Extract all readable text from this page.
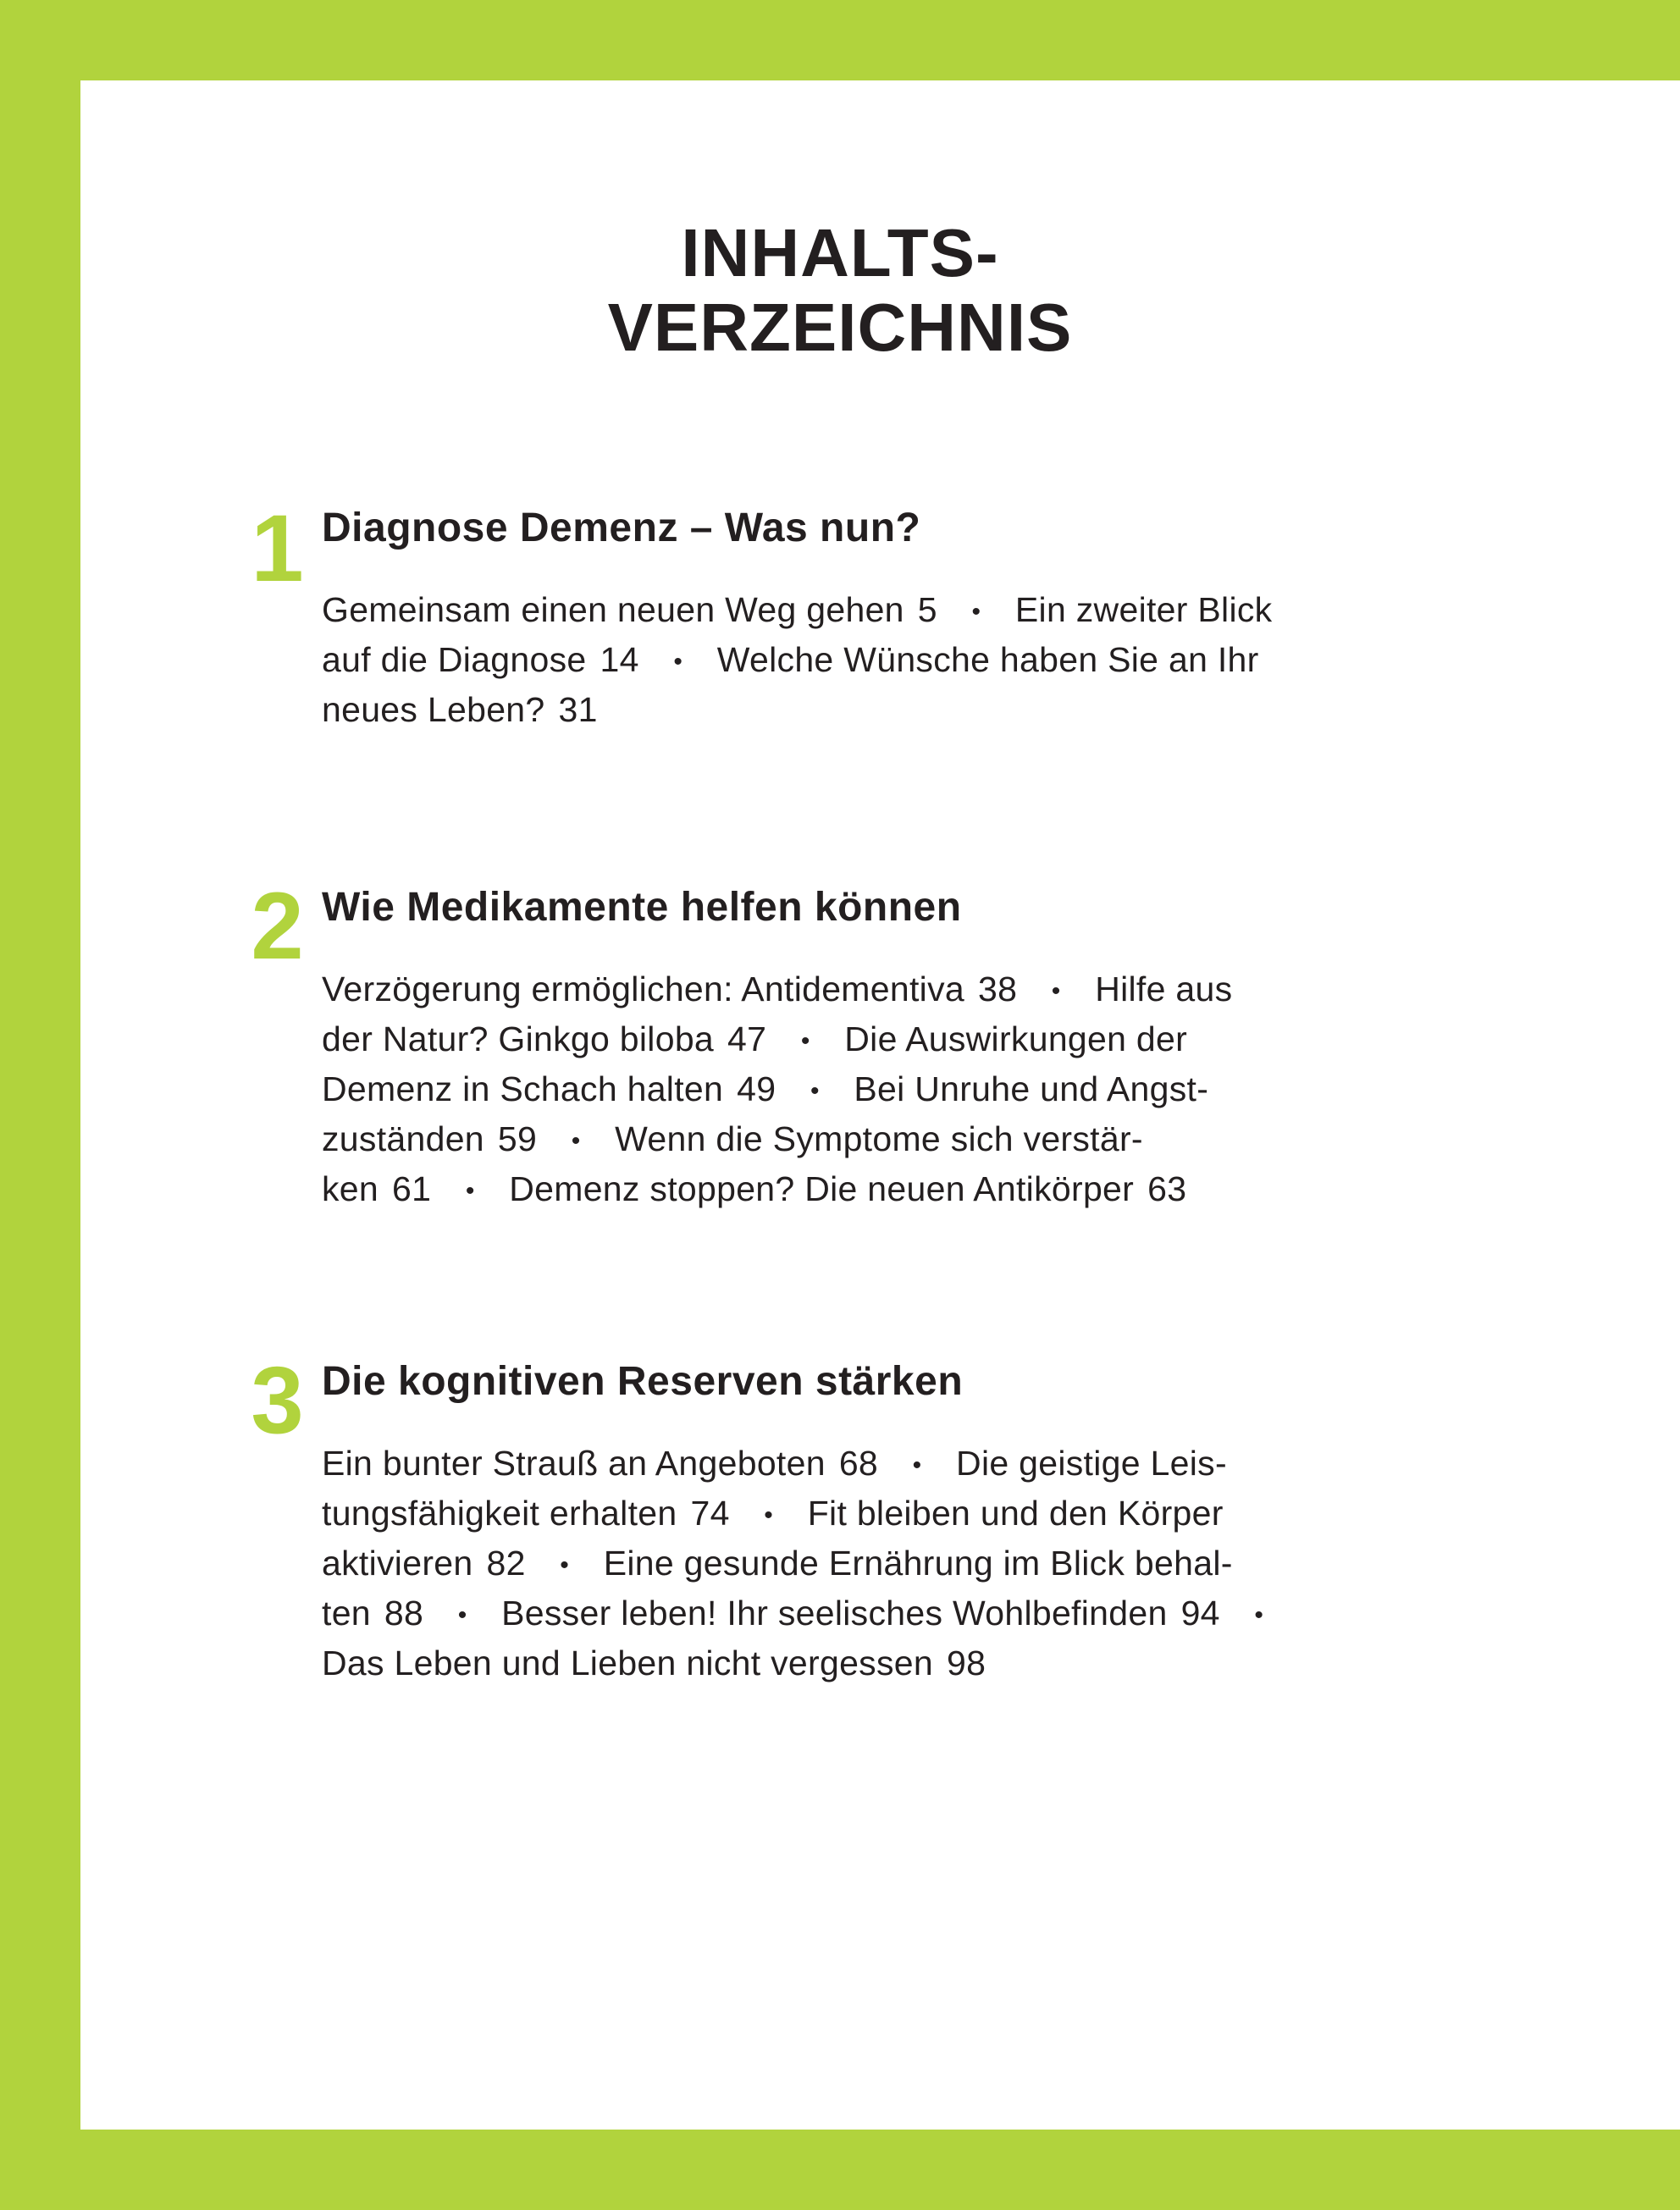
INHALTS-
VERZEICHNIS
1 Diagnose Demenz – Was nun?
Gemeinsam einen neuen Weg gehen 5 • Ein zweiter Blick
auf die Diagnose 14 • Welche Wünsche haben Sie an Ihr
neues Leben? 31
2 Wie Medikamente helfen können
Verzögerung ermöglichen: Antidementiva 38 • Hilfe aus
der Natur? Ginkgo biloba 47 • Die Auswirkungen der
Demenz in Schach halten 49 • Bei Unruhe und Angst-
zuständen 59 • Wenn die Symptome sich verstär-
ken 61 • Demenz stoppen? Die neuen Antikörper 63
3 Die kognitiven Reserven stärken
Ein bunter Strauß an Angeboten 68 • Die geistige Leis-
tungsfähigkeit erhalten 74 • Fit bleiben und den Körper
aktivieren 82 • Eine gesunde Ernährung im Blick behal-
ten 88 • Besser leben! Ihr seelisches Wohlbefinden 94 •
Das Leben und Lieben nicht vergessen 98
